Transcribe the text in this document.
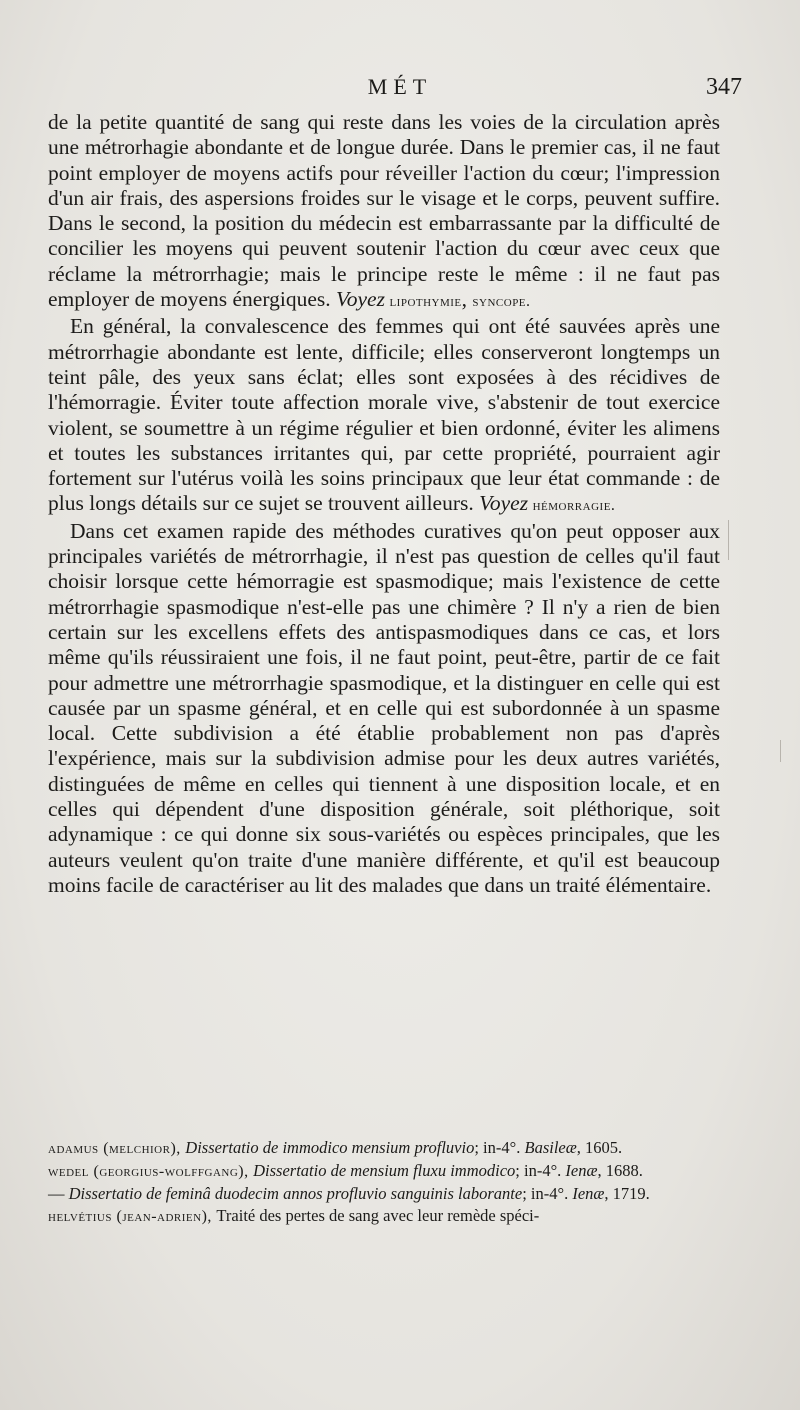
MÉT	347

de la petite quantité de sang qui reste dans les voies de la circulation après une métrorhagie abondante et de longue durée. Dans le premier cas, il ne faut point employer de moyens actifs pour réveiller l'action du cœur; l'impression d'un air frais, des aspersions froides sur le visage et le corps, peuvent suffire. Dans le second, la position du médecin est embarrassante par la difficulté de concilier les moyens qui peuvent soutenir l'action du cœur avec ceux que réclame la métrorrhagie; mais le principe reste le même : il ne faut pas employer de moyens énergiques. Voyez lipothymie, syncope.

En général, la convalescence des femmes qui ont été sauvées après une métrorrhagie abondante est lente, difficile; elles conserveront longtemps un teint pâle, des yeux sans éclat; elles sont exposées à des récidives de l'hémorragie. Éviter toute affection morale vive, s'abstenir de tout exercice violent, se soumettre à un régime régulier et bien ordonné, éviter les alimens et toutes les substances irritantes qui, par cette propriété, pourraient agir fortement sur l'utérus voilà les soins principaux que leur état commande : de plus longs détails sur ce sujet se trouvent ailleurs. Voyez hémorragie.

Dans cet examen rapide des méthodes curatives qu'on peut opposer aux principales variétés de métrorrhagie, il n'est pas question de celles qu'il faut choisir lorsque cette hémorragie est spasmodique; mais l'existence de cette métrorrhagie spasmodique n'est-elle pas une chimère ? Il n'y a rien de bien certain sur les excellens effets des antispasmodiques dans ce cas, et lors même qu'ils réussiraient une fois, il ne faut point, peut-être, partir de ce fait pour admettre une métrorrhagie spasmodique, et la distinguer en celle qui est causée par un spasme général, et en celle qui est subordonnée à un spasme local. Cette subdivision a été établie probablement non pas d'après l'expérience, mais sur la subdivision admise pour les deux autres variétés, distinguées de même en celles qui tiennent à une disposition locale, et en celles qui dépendent d'une disposition générale, soit pléthorique, soit adynamique : ce qui donne six sous-variétés ou espèces principales, que les auteurs veulent qu'on traite d'une manière différente, et qu'il est beaucoup moins facile de caractériser au lit des malades que dans un traité élémentaire.

adamus (melchior), Dissertatio de immodico mensium profluvio; in-4°. Basileæ, 1605.

wedel (georgius-wolffgang), Dissertatio de mensium fluxu immodico; in-4°. Ienæ, 1688.

— Dissertatio de feminâ duodecim annos profluvio sanguinis laborante; in-4°. Ienæ, 1719.

helvétius (jean-adrien), Traité des pertes de sang avec leur remède spéci-
